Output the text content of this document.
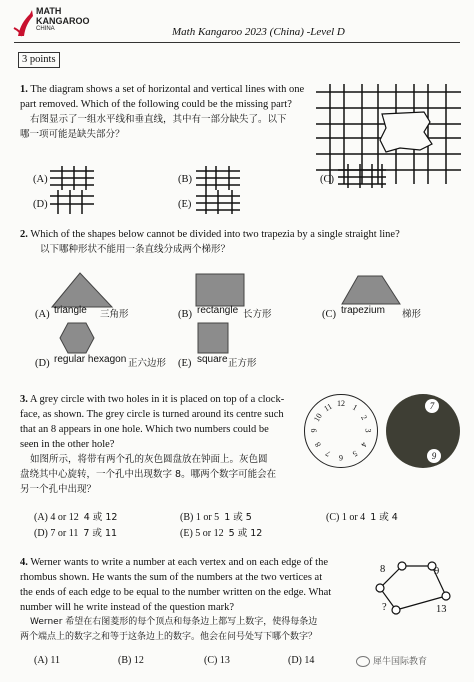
MATH
KANGAROO
CHINA	Math Kangaroo 2023 (China) -Level D
3 points
1. The diagram shows a set of horizontal and vertical lines with one
part removed. Which of the following could be the missing part?
右图显示了一组水平线和垂直线，其中有一部分缺失了。以下
哪一项可能是缺失部分？
(A)	(B)	(C)
(D)	(E)
2. Which of the shapes below cannot be divided into two trapezia by a single straight line?
以下哪种形状不能用一条直线分成两个梯形？
(A) triangle 三角形	(B) rectangle 长方形	(C) trapezium 梯形
(D) regular hexagon 正六边形 (E) square 正方形
3. A grey circle with two holes in it is placed on top of a clock-
face, as shown. The grey circle is turned around its centre such
that an 8 appears in one hole. Which two numbers could be
seen in the other hole?
如图所示，将带有两个孔的灰色圆盘放在钟面上。灰色圆
盘绕其中心旋转，一个孔中出现数字 8。哪两个数字可能会在
另一个孔中出现？
12 1
2
3
4
5
6
7
8
9
10
11	7
9
(A) 4 or 12 4 或 12	(B) 1 or 5 1 或 5	(C) 1 or 4 1 或 4
(D) 7 or 11 7 或 11	(E) 5 or 12 5 或 12
4. Werner wants to write a number at each vertex and on each edge of the
rhombus shown. He wants the sum of the numbers at the two vertices at
the ends of each edge to be equal to the number written on the edge. What
number will he write instead of the question mark?
Werner 希望在右图菱形的每个顶点和每条边上都写上数字，使得每条边
两个端点上的数字之和等于这条边上的数字。他会在问号处写下哪个数字？
8	9
?	13
(A) 11	(B) 12	(C) 13	(D) 14	犀牛国际教育
